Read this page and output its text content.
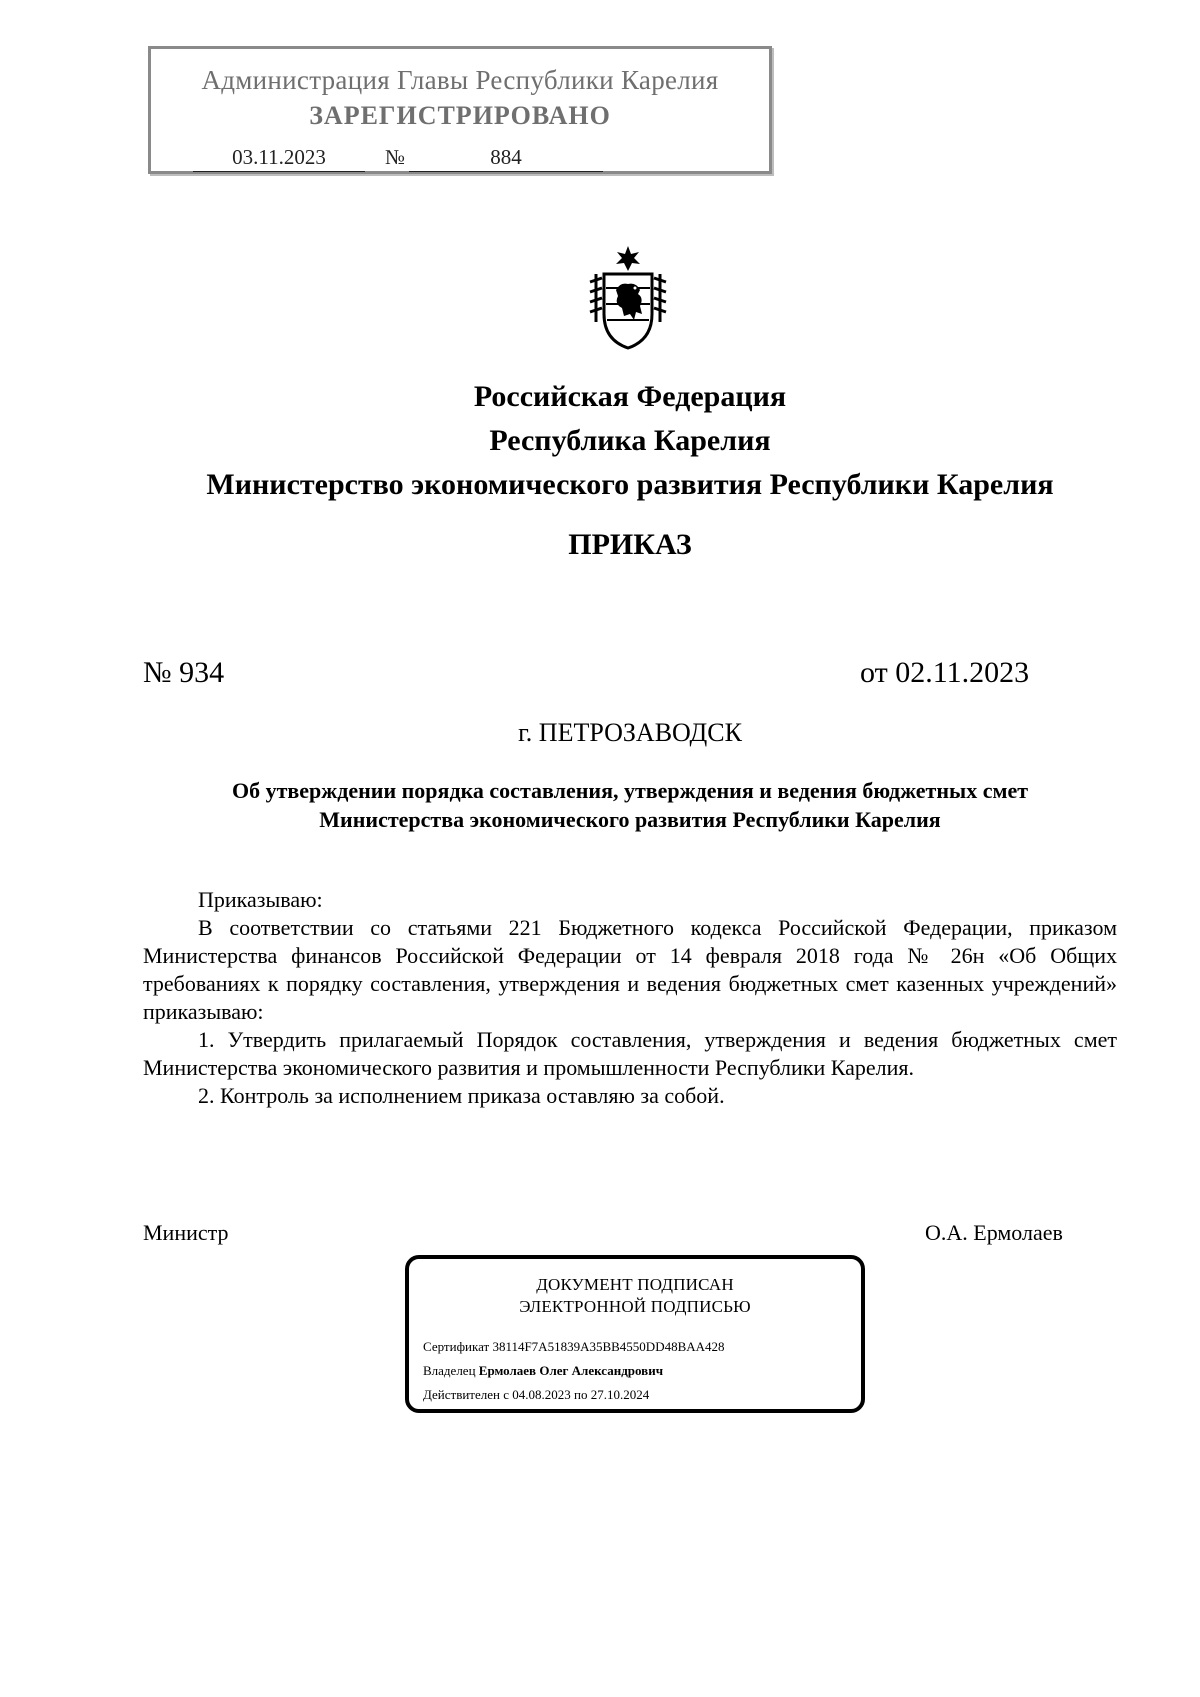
Администрация Главы Республики Карелия
ЗАРЕГИСТРИРОВАНО
03.11.2023	№	884
Российская Федерация
Республика Карелия
Министерство экономического развития Республики Карелия
ПРИКАЗ
№ 934	от 02.11.2023
г. ПЕТРОЗАВОДСК
Об утверждении порядка составления, утверждения и ведения бюджетных смет
Министерства экономического развития Республики Карелия

Приказываю:

В соответствии со статьями 221 Бюджетного кодекса Российской Федерации, приказом Министерства финансов Российской Федерации от 14 февраля 2018 года № 26н «Об Общих требованиях к порядку составления, утверждения и ведения бюджетных смет казенных учреждений» приказываю:

1. Утвердить прилагаемый Порядок составления, утверждения и ведения бюджетных смет Министерства экономического развития и промышленности Республики Карелия.

2. Контроль за исполнением приказа оставляю за собой.

Министр	О.А. Ермолаев
ДОКУМЕНТ ПОДПИСАН
ЭЛЕКТРОННОЙ ПОДПИСЬЮ
Сертификат 38114F7A51839A35BB4550DD48BAA428
Владелец Ермолаев Олег Александрович
Действителен с 04.08.2023 по 27.10.2024
